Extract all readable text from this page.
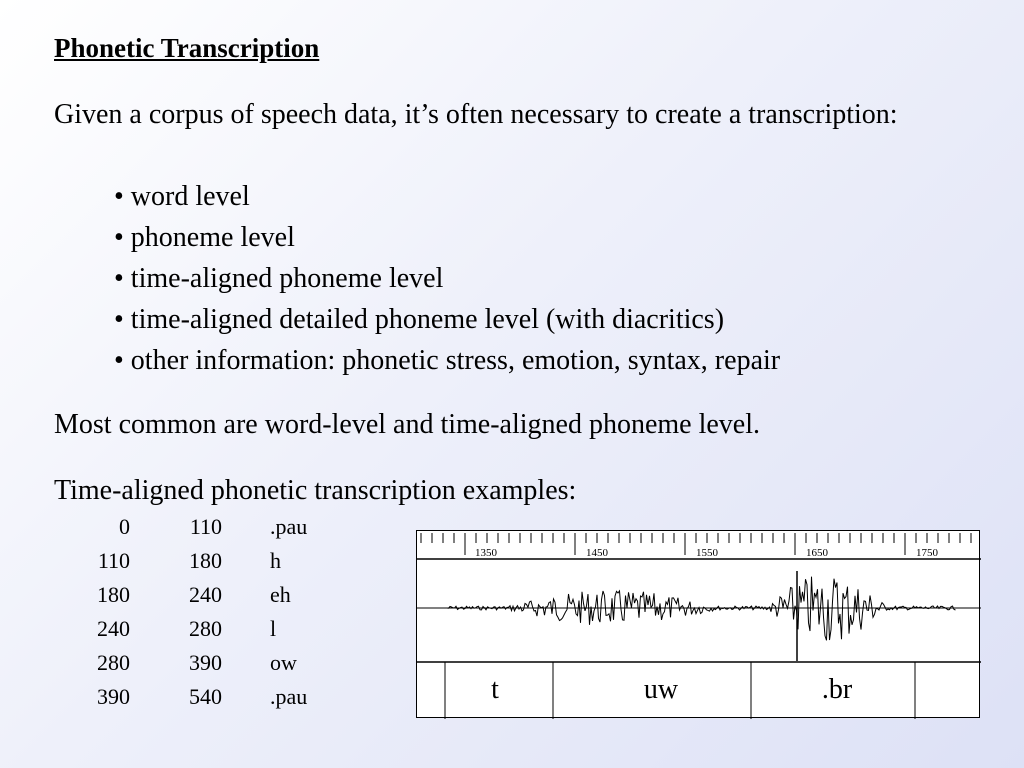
Phonetic Transcription

Given a corpus of speech data, it’s often necessary to create a transcription:

• word level
• phoneme level
• time-aligned phoneme level
• time-aligned detailed phoneme level (with diacritics)
• other information: phonetic stress, emotion, syntax, repair

Most common are word-level and time-aligned phoneme level.

Time-aligned phonetic transcription examples:

0	110 .pau
110	180 h
180	240 eh
240	280 l
280	390 ow
390	540 .pau
1350	1450	1550	1650	1750
t	uw	.br
